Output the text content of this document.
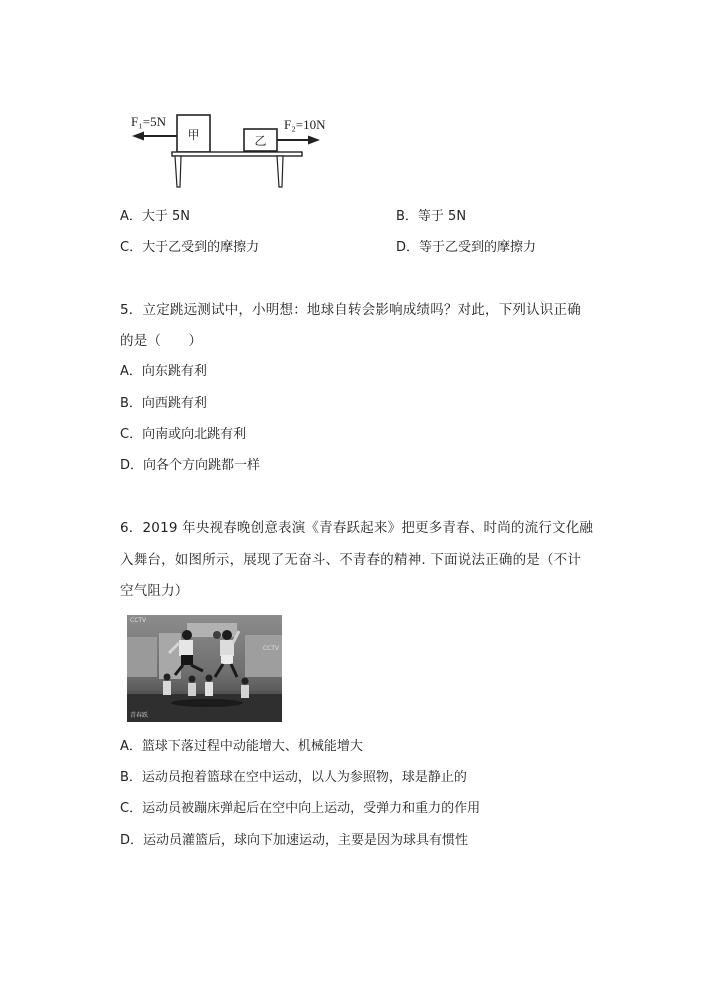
F₁=5N
甲	乙
F₂=10N
A．大于 5N	B．等于 5N
C．大于乙受到的摩擦力	D．等于乙受到的摩擦力
5．立定跳远测试中，小明想：地球自转会影响成绩吗？对此，下列认识正确
的是（　　）
A．向东跳有利
B．向西跳有利
C．向南或向北跳有利
D．向各个方向跳都一样
6．2019 年央视春晚创意表演《青春跃起来》把更多青春、时尚的流行文化融
入舞台，如图所示，展现了无奋斗、不青春的精神. 下面说法正确的是（不计
空气阻力）
CCTV
CCTV
青春跃
A．篮球下落过程中动能增大、机械能增大
B．运动员抱着篮球在空中运动，以人为参照物，球是静止的
C．运动员被蹦床弹起后在空中向上运动，受弹力和重力的作用
D．运动员灌篮后，球向下加速运动，主要是因为球具有惯性
